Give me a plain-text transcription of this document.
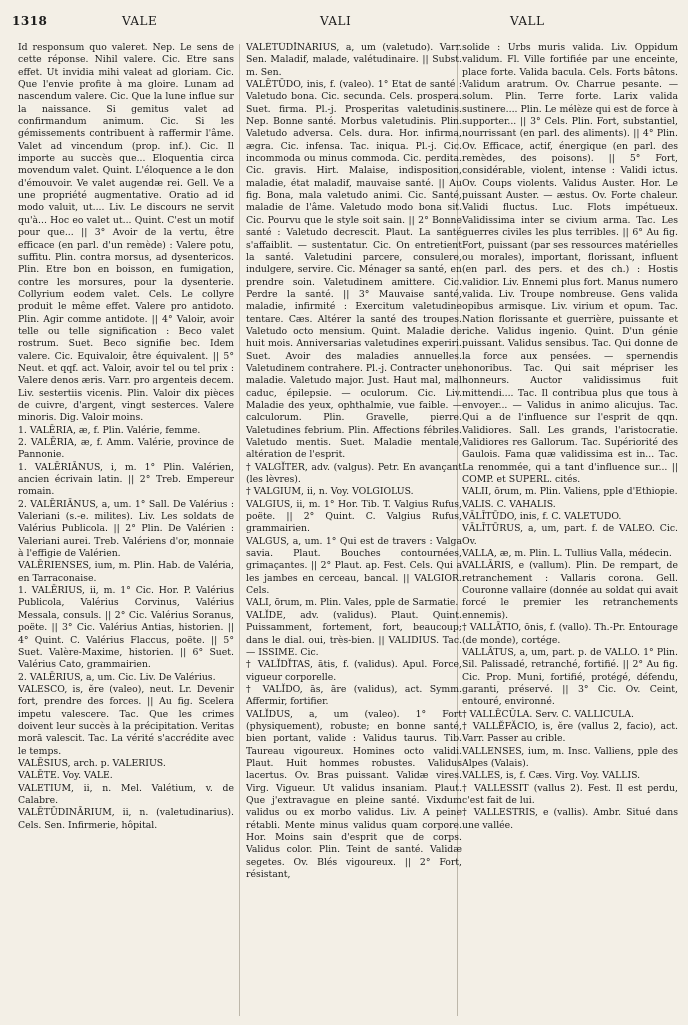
1318	VALE	VALI	VALL

Id responsum quo valeret. Nep. Le sens de cette réponse. Nihil valere. Cic. Etre sans effet. Ut invidia mihi valeat ad gloriam. Cic. Que l'envie profite à ma gloire. Lunam ad nascendum valere. Cic. Que la lune influe sur la naissance. Si gemitus valet ad confirmandum animum. Cic. Si les gémissements contribuent à raffermir l'âme. Valet ad vincendum (prop. inf.). Cic. Il importe au succès que... Eloquentia circa movendum valet. Quint. L'éloquence a le don d'émouvoir. Ve valet augendæ rei. Gell. Ve a une propriété augmentative. Oratio ad id modo valuit, ut.... Liv. Le discours ne servit qu'à... Hoc eo valet ut... Quint. C'est un motif pour que... || 3° Avoir de la vertu, être efficace (en parl. d'un remède) : Valere potu, suffitu. Plin. contra morsus, ad dysentericos. Plin. Etre bon en boisson, en fumigation, contre les morsures, pour la dysenterie. Collyrium eodem valet. Cels. Le collyre produit le même effet. Valere pro antidoto. Plin. Agir comme antidote. || 4° Valoir, avoir telle ou telle signification : Beco valet rostrum. Suet. Beco signifie bec. Idem valere. Cic. Equivaloir, être équivalent. || 5° Neut. et qqf. act. Valoir, avoir tel ou tel prix : Valere denos æris. Varr. pro argenteis decem. Liv. sestertiis vicenis. Plin. Valoir dix pièces de cuivre, d'argent, vingt sesterces. Valere minoris. Dig. Valoir moins.

1. VALĒRIA, æ, f. Plin. Valérie, femme.

2. VALĒRIA, æ, f. Amm. Valérie, province de Pannonie.

1. VALĒRIĀNUS, i, m. 1° Plin. Valérien, ancien écrivain latin. || 2° Treb. Empereur romain.

2. VALĒRIĀNUS, a, um. 1° Sall. De Valérius : Valeriani (s.-e. milites). Liv. Les soldats de Valérius Publicola. || 2° Plin. De Valérien : Valeriani aurei. Treb. Valériens d'or, monnaie à l'effigie de Valérien.

VALĒRIENSES, ium, m. Plin. Hab. de Valéria, en Tarraconaise.

1. VALĒRIUS, ii, m. 1° Cic. Hor. P. Valérius Publicola, Valérius Corvinus, Valérius Messala, consuls. || 2° Cic. Valérius Soranus, poëte. || 3° Cic. Valérius Antias, historien. || 4° Quint. C. Valérius Flaccus, poëte. || 5° Suet. Valère-Maxime, historien. || 6° Suet. Valérius Cato, grammairien.

2. VALĒRIUS, a, um. Cic. Liv. De Valérius.

VALESCO, is, ĕre (valeo), neut. Lr. Devenir fort, prendre des forces. || Au fig. Scelera impetu valescere. Tac. Que les crimes doivent leur succès à la précipitation. Veritas morā valescit. Tac. La vérité s'accrédite avec le temps.

VALĒSIUS, arch. p. VALERIUS.

VALĒTE. Voy. VALE.

VALETIUM, ii, n. Mel. Valétium, v. de Calabre.

VALĒTŪDINĀRIUM, ii, n. (valetudinarius). Cels. Sen. Infirmerie, hôpital.

VALĒTŪDĬNĀRIUS, a, um (valetudo). Varr. Sen. Maladif, malade, valétudinaire. || Subst. m. Sen.

VALĒTŪDO, inis, f. (valeo). 1° Etat de santé : Valetudo bona. Cic. secunda. Cels. prospera. Suet. firma. Pl.-j. Prosperitas valetudinis. Nep. Bonne santé. Morbus valetudinis. Plin. Valetudo adversa. Cels. dura. Hor. infirma, ægra. Cic. infensa. Tac. iniqua. Pl.-j. Cic. incommoda ou minus commoda. Cic. perdita. Cic. gravis. Hirt. Malaise, indisposition, maladie, état maladif, mauvaise santé. || Au fig. Bona, mala valetudo animi. Cic. Santé, maladie de l'âme. Valetudo modo bona sit. Cic. Pourvu que le style soit sain. || 2° Bonne santé : Valetudo decrescit. Plaut. La santé s'affaiblit. — sustentatur. Cic. On entretient la santé. Valetudini parcere, consulere, indulgere, servire. Cic. Ménager sa santé, en prendre soin. Valetudinem amittere. Cic. Perdre la santé. || 3° Mauvaise santé, maladie, infirmité : Exercitum valetudine tentare. Cæs. Altérer la santé des troupes. Valetudo octo mensium. Quint. Maladie de huit mois. Anniversarias valetudines experiri. Suet. Avoir des maladies annuelles. Valetudinem contrahere. Pl.-j. Contracter une maladie. Valetudo major. Just. Haut mal, mal caduc, épilepsie. — oculorum. Cic. Liv. Maladie des yeux, ophthalmie, vue faible. — calculorum. Plin. Gravelle, pierre. Valetudines febrium. Plin. Affections fébriles. Valetudo mentis. Suet. Maladie mentale, altération de l'esprit.

† VALGĬTER, adv. (valgus). Petr. En avançant (les lèvres).

† VALGIUM, ii, n. Voy. VOLGIOLUS.

VALGIUS, ii, m. 1° Hor. Tib. T. Valgius Rufus, poëte. || 2° Quint. C. Valgius Rufus, grammairien.

VALGUS, a, um. 1° Qui est de travers : Valga savia. Plaut. Bouches contournées, grimaçantes. || 2° Plaut. ap. Fest. Cels. Qui a les jambes en cerceau, bancal. || VALGIOR. Cels.

VALI, ōrum, m. Plin. Vales, pple de Sarmatie.

VALĬDE, adv. (validus). Plaut. Quint. Puissamment, fortement, fort, beaucoup; dans le dial. oui, très-bien. || VALIDIUS. Tac. — ISSIME. Cic.

† VALĬDĬTAS, ātis, f. (validus). Apul. Force, vigueur corporelle.

† VALĬDO, ās, āre (validus), act. Symm. Affermir, fortifier.

VALĬDUS, a, um (valeo). 1° Fort (physiquement), robuste; en bonne santé, bien portant, valide : Validus taurus. Tib. Taureau vigoureux. Homines octo validi. Plaut. Huit hommes robustes. Validus lacertus. Ov. Bras puissant. Validæ vires. Virg. Vigueur. Ut validus insaniam. Plaut. Que j'extravague en pleine santé. Vixdum validus ou ex morbo validus. Liv. A peine rétabli. Mente minus validus quam corpore. Hor. Moins sain d'esprit que de corps. Validus color. Plin. Teint de santé. Validæ segetes. Ov. Blés vigoureux. || 2° Fort, résistant,

solide : Urbs muris valida. Liv. Oppidum validum. Fl. Ville fortifiée par une enceinte, place forte. Valida bacula. Cels. Forts bâtons. Validum aratrum. Ov. Charrue pesante. — solum. Plin. Terre forte. Larix valida sustinere.... Plin. Le mélèze qui est de force à supporter... || 3° Cels. Plin. Fort, substantiel, nourrissant (en parl. des aliments). || 4° Plin. Ov. Efficace, actif, énergique (en parl. des remèdes, des poisons). || 5° Fort, considérable, violent, intense : Validi ictus. Ov. Coups violents. Validus Auster. Hor. Le puissant Auster. — æstus. Ov. Forte chaleur. Validi fluctus. Luc. Flots impétueux. Validissima inter se civium arma. Tac. Les guerres civiles les plus terribles. || 6° Au fig. Fort, puissant (par ses ressources matérielles ou morales), important, florissant, influent (en parl. des pers. et des ch.) : Hostis validior. Liv. Ennemi plus fort. Manus numero valida. Liv. Troupe nombreuse. Gens valida opibus armisque. Liv. virium et opum. Tac. Nation florissante et guerrière, puissante et riche. Validus ingenio. Quint. D'un génie puissant. Validus sensibus. Tac. Qui donne de la force aux pensées. — spernendis honoribus. Tac. Qui sait mépriser les honneurs. Auctor validissimus fuit mittendi.... Tac. Il contribua plus que tous à envoyer... — Validus in animo alicujus. Tac. Qui a de l'influence sur l'esprit de qqn. Validiores. Sall. Les grands, l'aristocratie. Validiores res Gallorum. Tac. Supériorité des Gaulois. Fama quæ validissima est in... Tac. La renommée, qui a tant d'influence sur... || COMP. et SUPERL. cités.

VALII, ōrum, m. Plin. Valiens, pple d'Ethiopie.

VALIS. C. VAHALIS.

VĀLĪTŪDO, inis, f. C. VALETUDO.

VĀLĪTŪRUS, a, um, part. f. de VALEO. Cic. Ov.

VALLA, æ, m. Plin. L. Tullius Valla, médecin.

VALLĀRIS, e (vallum). Plin. De rempart, de retranchement : Vallaris corona. Gell. Couronne vallaire (donnée au soldat qui avait forcé le premier les retranchements ennemis).

† VALLĀTIO, ōnis, f. (vallo). Th.-Pr. Entourage (de monde), cortége.

VALLĀTUS, a, um, part. p. de VALLO. 1° Plin. Sil. Palissadé, retranché, fortifié. || 2° Au fig. Cic. Prop. Muni, fortifié, protégé, défendu, garanti, préservé. || 3° Cic. Ov. Ceint, entouré, environné.

† VALLĒCŬLA. Serv. C. VALLICULA.

† VALLĔFĂCIO, is, ĕre (vallus 2, facio), act. Varr. Passer au crible.

VALLENSES, ium, m. Insc. Valliens, pple des Alpes (Valais).

VALLES, is, f. Cæs. Virg. Voy. VALLIS.

† VALLESSIT (vallus 2). Fest. Il est perdu, c'est fait de lui.

† VALLESTRIS, e (vallis). Ambr. Situé dans une vallée.
